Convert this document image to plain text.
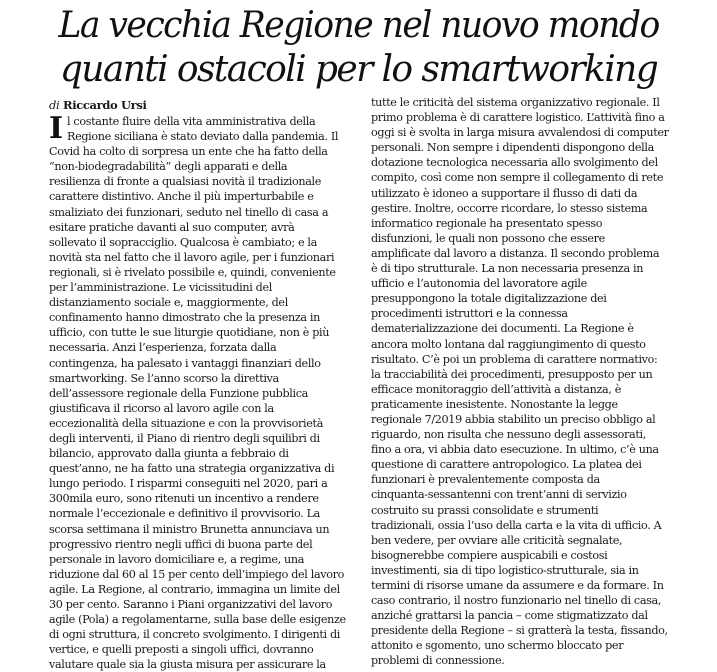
La vecchia Regione nel nuovo mondo
quanti ostacoli per lo smartworking
di Riccardo Ursi
I l costante fluire della vita amministrativa della
Regione siciliana è stato deviato dalla pandemia. Il
Covid ha colto di sorpresa un ente che ha fatto della
“non-biodegradabilità” degli apparati e della
resilienza di fronte a qualsiasi novità il tradizionale
carattere distintivo. Anche il più imperturbabile e
smaliziato dei funzionari, seduto nel tinello di casa a
esitare pratiche davanti al suo computer, avrà
sollevato il sopracciglio. Qualcosa è cambiato; e la
novità sta nel fatto che il lavoro agile, per i funzionari
regionali, si è rivelato possibile e, quindi, conveniente
per l’amministrazione. Le vicissitudini del
distanziamento sociale e, maggiormente, del
confinamento hanno dimostrato che la presenza in
ufficio, con tutte le sue liturgie quotidiane, non è più
necessaria. Anzi l’esperienza, forzata dalla
contingenza, ha palesato i vantaggi finanziari dello
smartworking. Se l’anno scorso la direttiva
dell’assessore regionale della Funzione pubblica
giustificava il ricorso al lavoro agile con la
eccezionalità della situazione e con la provvisorietà
degli interventi, il Piano di rientro degli squilibri di
bilancio, approvato dalla giunta a febbraio di
quest’anno, ne ha fatto una strategia organizzativa di
lungo periodo. I risparmi conseguiti nel 2020, pari a
300mila euro, sono ritenuti un incentivo a rendere
normale l’eccezionale e definitivo il provvisorio. La
scorsa settimana il ministro Brunetta annunciava un
progressivo rientro negli uffici di buona parte del
personale in lavoro domiciliare e, a regime, una
riduzione dal 60 al 15 per cento dell’impiego del lavoro
agile. La Regione, al contrario, immagina un limite del
30 per cento. Saranno i Piani organizzativi del lavoro
agile (Pola) a regolamentarne, sulla base delle esigenze
di ogni struttura, il concreto svolgimento. I dirigenti di
vertice, e quelli preposti a singoli uffici, dovranno
valutare quale sia la giusta misura per assicurare la
tutte le criticità del sistema organizzativo regionale. Il
primo problema è di carattere logistico. L’attività fino a
oggi si è svolta in larga misura avvalendosi di computer
personali. Non sempre i dipendenti dispongono della
dotazione tecnologica necessaria allo svolgimento del
compito, così come non sempre il collegamento di rete
utilizzato è idoneo a supportare il flusso di dati da
gestire. Inoltre, occorre ricordare, lo stesso sistema
informatico regionale ha presentato spesso
disfunzioni, le quali non possono che essere
amplificate dal lavoro a distanza. Il secondo problema
è di tipo strutturale. La non necessaria presenza in
ufficio e l’autonomia del lavoratore agile
presuppongono la totale digitalizzazione dei
procedimenti istruttori e la connessa
dematerializzazione dei documenti. La Regione è
ancora molto lontana dal raggiungimento di questo
risultato. C’è poi un problema di carattere normativo:
la tracciabilità dei procedimenti, presupposto per un
efficace monitoraggio dell’attività a distanza, è
praticamente inesistente. Nonostante la legge
regionale 7/2019 abbia stabilito un preciso obbligo al
riguardo, non risulta che nessuno degli assessorati,
fino a ora, vi abbia dato esecuzione. In ultimo, c’è una
questione di carattere antropologico. La platea dei
funzionari è prevalentemente composta da
cinquanta-sessantenni con trent’anni di servizio
costruito su prassi consolidate e strumenti
tradizionali, ossia l’uso della carta e la vita di ufficio. A
ben vedere, per ovviare alle criticità segnalate,
bisognerebbe compiere auspicabili e costosi
investimenti, sia di tipo logistico-strutturale, sia in
termini di risorse umane da assumere e da formare. In
caso contrario, il nostro funzionario nel tinello di casa,
anziché grattarsi la pancia – come stigmatizzato dal
presidente della Regione – si gratterà la testa, fissando,
attonito e sgomento, uno schermo bloccato per
problemi di connessione.
